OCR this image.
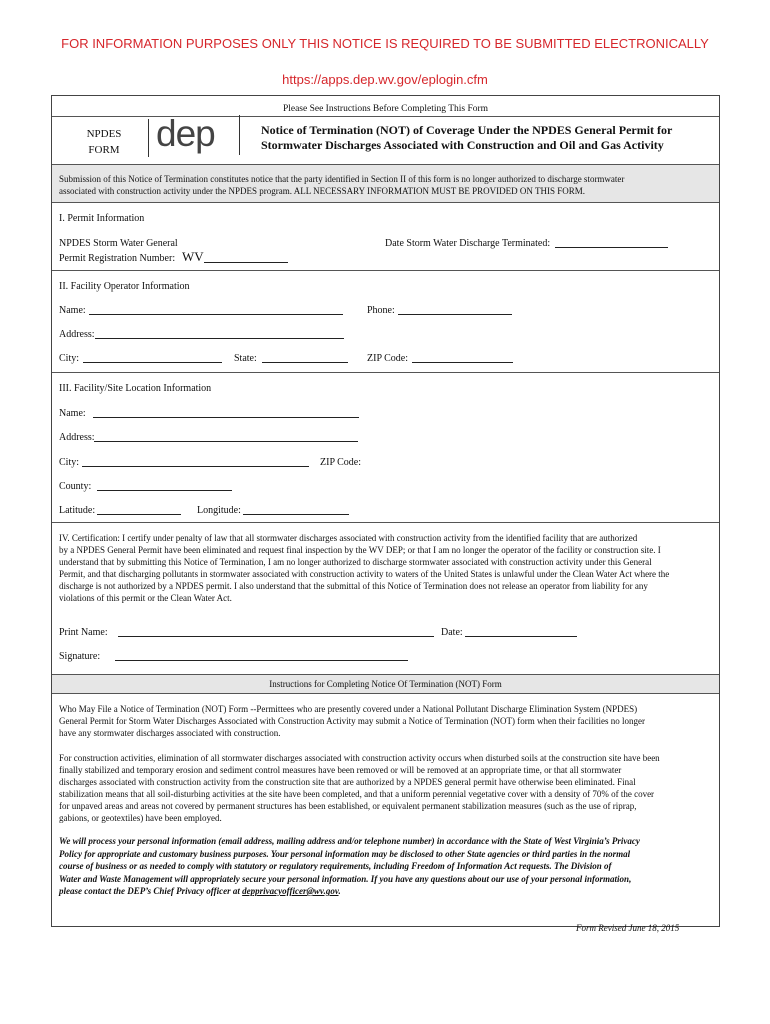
FOR INFORMATION PURPOSES ONLY THIS NOTICE IS REQUIRED TO BE SUBMITTED ELECTRONICALLY
https://apps.dep.wv.gov/eplogin.cfm
Please See Instructions Before Completing This Form
NPDES
FORM dep	Notice of Termination (NOT) of Coverage Under the NPDES General Permit for
Stormwater Discharges Associated with Construction and Oil and Gas Activity
Submission of this Notice of Termination constitutes notice that the party identified in Section II of this form is no longer authorized to discharge stormwater
associated with construction activity under the NPDES program. ALL NECESSARY INFORMATION MUST BE PROVIDED ON THIS FORM.
I. Permit Information
NPDES Storm Water General
Permit Registration Number: WV
Date Storm Water Discharge Terminated:
II. Facility Operator Information
Name:	Phone:
Address:
City:	State:	ZIP Code:
III. Facility/Site Location Information
Name:
Address:
City:	ZIP Code:
County:
Latitude:	Longitude:
IV. Certification: I certify under penalty of law that all stormwater discharges associated with construction activity from the identified facility that are authorized
by a NPDES General Permit have been eliminated and request final inspection by the WV DEP; or that I am no longer the operator of the facility or construction site. I
understand that by submitting this Notice of Termination, I am no longer authorized to discharge stormwater associated with construction activity under this General
Permit, and that discharging pollutants in stormwater associated with construction activity to waters of the United States is unlawful under the Clean Water Act where the
discharge is not authorized by a NPDES permit. I also understand that the submittal of this Notice of Termination does not release an operator from liability for any
violations of this permit or the Clean Water Act.
Print Name:	Date:
Signature:
Instructions for Completing Notice Of Termination (NOT) Form
Who May File a Notice of Termination (NOT) Form --Permittees who are presently covered under a National Pollutant Discharge Elimination System (NPDES)
General Permit for Storm Water Discharges Associated with Construction Activity may submit a Notice of Termination (NOT) form when their facilities no longer
have any stormwater discharges associated with construction.
For construction activities, elimination of all stormwater discharges associated with construction activity occurs when disturbed soils at the construction site have been
finally stabilized and temporary erosion and sediment control measures have been removed or will be removed at an appropriate time, or that all stormwater
discharges associated with construction activity from the construction site that are authorized by a NPDES general permit have otherwise been eliminated. Final
stabilization means that all soil-disturbing activities at the site have been completed, and that a uniform perennial vegetative cover with a density of 70% of the cover
for unpaved areas and areas not covered by permanent structures has been established, or equivalent permanent stabilization measures (such as the use of riprap,
gabions, or geotextiles) have been employed.
We will process your personal information (email address, mailing address and/or telephone number) in accordance with the State of West Virginia’s Privacy
Policy for appropriate and customary business purposes. Your personal information may be disclosed to other State agencies or third parties in the normal
course of business or as needed to comply with statutory or regulatory requirements, including Freedom of Information Act requests. The Division of
Water and Waste Management will appropriately secure your personal information. If you have any questions about our use of your personal information,
please contact the DEP’s Chief Privacy officer at depprivacyofficer@wv.gov.
Form Revised June 18, 2015
